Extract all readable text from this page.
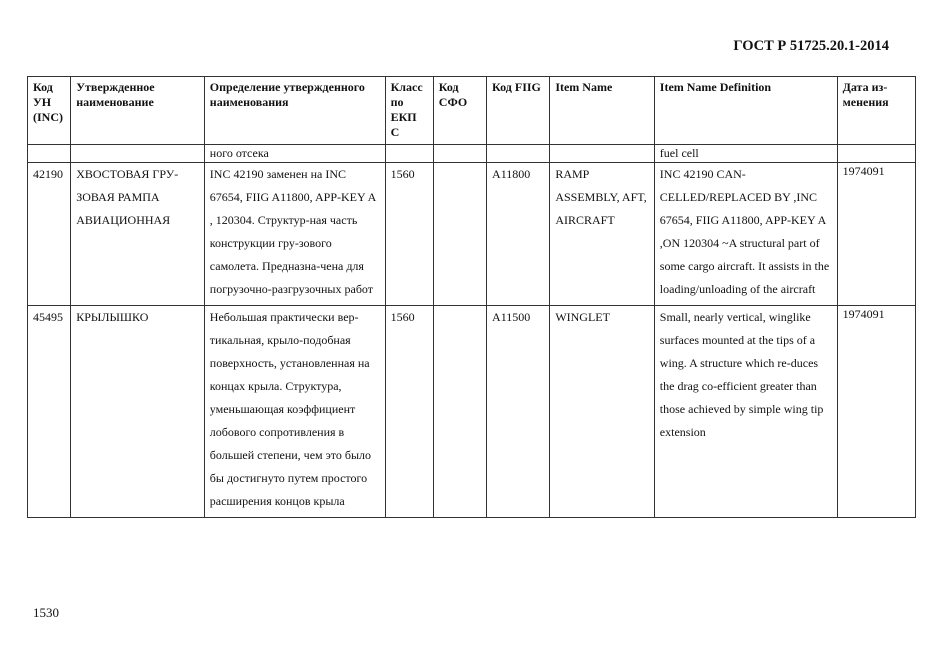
ГОСТ Р 51725.20.1-2014
Код УН (INC)	Утвержденное наименование	Определение утвержденного наименования	Класс по ЕКП С	Код СФО	Код FIIG	Item Name	Item Name Definition	Дата из-менения
		ного отсека					fuel cell	
42190	ХВОСТОВАЯ ГРУ-ЗОВАЯ РАМПА АВИАЦИОННАЯ	INC 42190 заменен на INC 67654, FIIG A11800, APP-KEY A , 120304. Структур-ная часть конструкции гру-зового самолета. Предназна-чена для погрузочно-разгрузочных работ	1560		A11800	RAMP ASSEMBLY, AFT, AIRCRAFT	INC 42190 CAN-CELLED/REPLACED BY ,INC 67654, FIIG A11800, APP-KEY A ,ON 120304 ~A structural part of some cargo aircraft. It assists in the loading/unloading of the aircraft	1974091
45495	КРЫЛЫШКО	Небольшая практически вер-тикальная, крыло-подобная поверхность, установленная на концах крыла. Структура, уменьшающая коэффициент лобового сопротивления в большей степени, чем это было бы достигнуто путем простого расширения концов крыла	1560		A11500	WINGLET	Small, nearly vertical, winglike surfaces mounted at the tips of a wing. A structure which re-duces the drag co-efficient greater than those achieved by simple wing tip extension	1974091
1530
